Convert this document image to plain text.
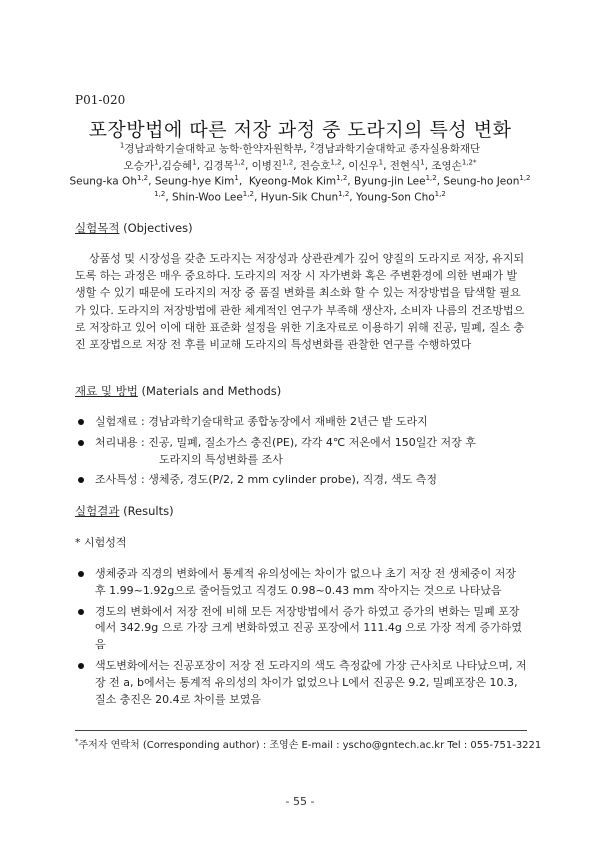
P01-020
포장방법에 따른 저장 과정 중 도라지의 특성 변화
$^1$경남과학기술대학교 농학·한약자원학부, $^2$경남과학기술대학교 종자실용화재단
오승가$^1$,김승혜$^1$, 김경목$^{1,2}$, 이병진$^{1,2}$, 전승호$^{1,2}$, 이신우$^1$, 전현식$^1$, 조영손$^{1,2*}$
Seung-ka Oh$^{1,2}$, Seung-hye Kim$^1$,  Kyeong-Mok Kim$^{1,2}$, Byung-jin Lee$^{1,2}$, Seung-ho Jeon$^{1,2}$
$^{1,2}$, Shin-Woo Lee$^{1,2}$, Hyun-Sik Chun$^{1,2}$, Young-Son Cho$^{1,2}$
실험목적 (Objectives)

상품성 및 시장성을 갖춘 도라지는 저장성과 상관관계가 깊어 양질의 도라지로 저장, 유지되도록 하는 과정은 매우 중요하다. 도라지의 저장 시 자가변화 혹은 주변환경에 의한 변패가 발생할 수 있기 때문에 도라지의 저장 중 품질 변화를 최소화 할 수 있는 저장방법을 탐색할 필요가 있다. 도라지의 저장방법에 관한 체계적인 연구가 부족해 생산자, 소비자 나름의 건조방법으로 저장하고 있어 이에 대한 표준화 설정을 위한 기초자료로 이용하기 위해 진공, 밀폐, 질소 충진 포장법으로 저장 전 후를 비교해 도라지의 특성변화를 관찰한 연구를 수행하였다

재료 및 방법 (Materials and Methods)
실험재료 : 경남과학기술대학교 종합농장에서 재배한 2년근 밭 도라지
처리내용 : 진공, 밀폐, 질소가스 충진(PE), 각각 4℃ 저온에서 150일간 저장 후
도라지의 특성변화를 조사
조사특성 : 생체중, 경도(P/2, 2 mm cylinder probe), 직경, 색도 측정
실험결과 (Results)
* 시험성적
생체중과 직경의 변화에서 통계적 유의성에는 차이가 없으나 초기 저장 전 생체중이 저장 후 1.99~1.92g으로 줄어들었고 직경도 0.98~0.43 mm 작아지는 것으로 나타났음
경도의 변화에서 저장 전에 비해 모든 저장방법에서 증가 하였고 증가의 변화는 밀폐 포장에서 342.9g 으로 가장 크게 변화하였고 진공 포장에서 111.4g 으로 가장 적게 증가하였음
색도변화에서는 진공포장이 저장 전 도라지의 색도 측정값에 가장 근사치로 나타났으며, 저장 전 a, b에서는 통계적 유의성의 차이가 없었으나 L에서 진공은 9.2, 밀폐포장은 10.3, 질소 충진은 20.4로 차이를 보였음
*주저자 연락처 (Corresponding author) : 조영손 E-mail : yscho@gntech.ac.kr Tel : 055-751-3221
- 55 -
